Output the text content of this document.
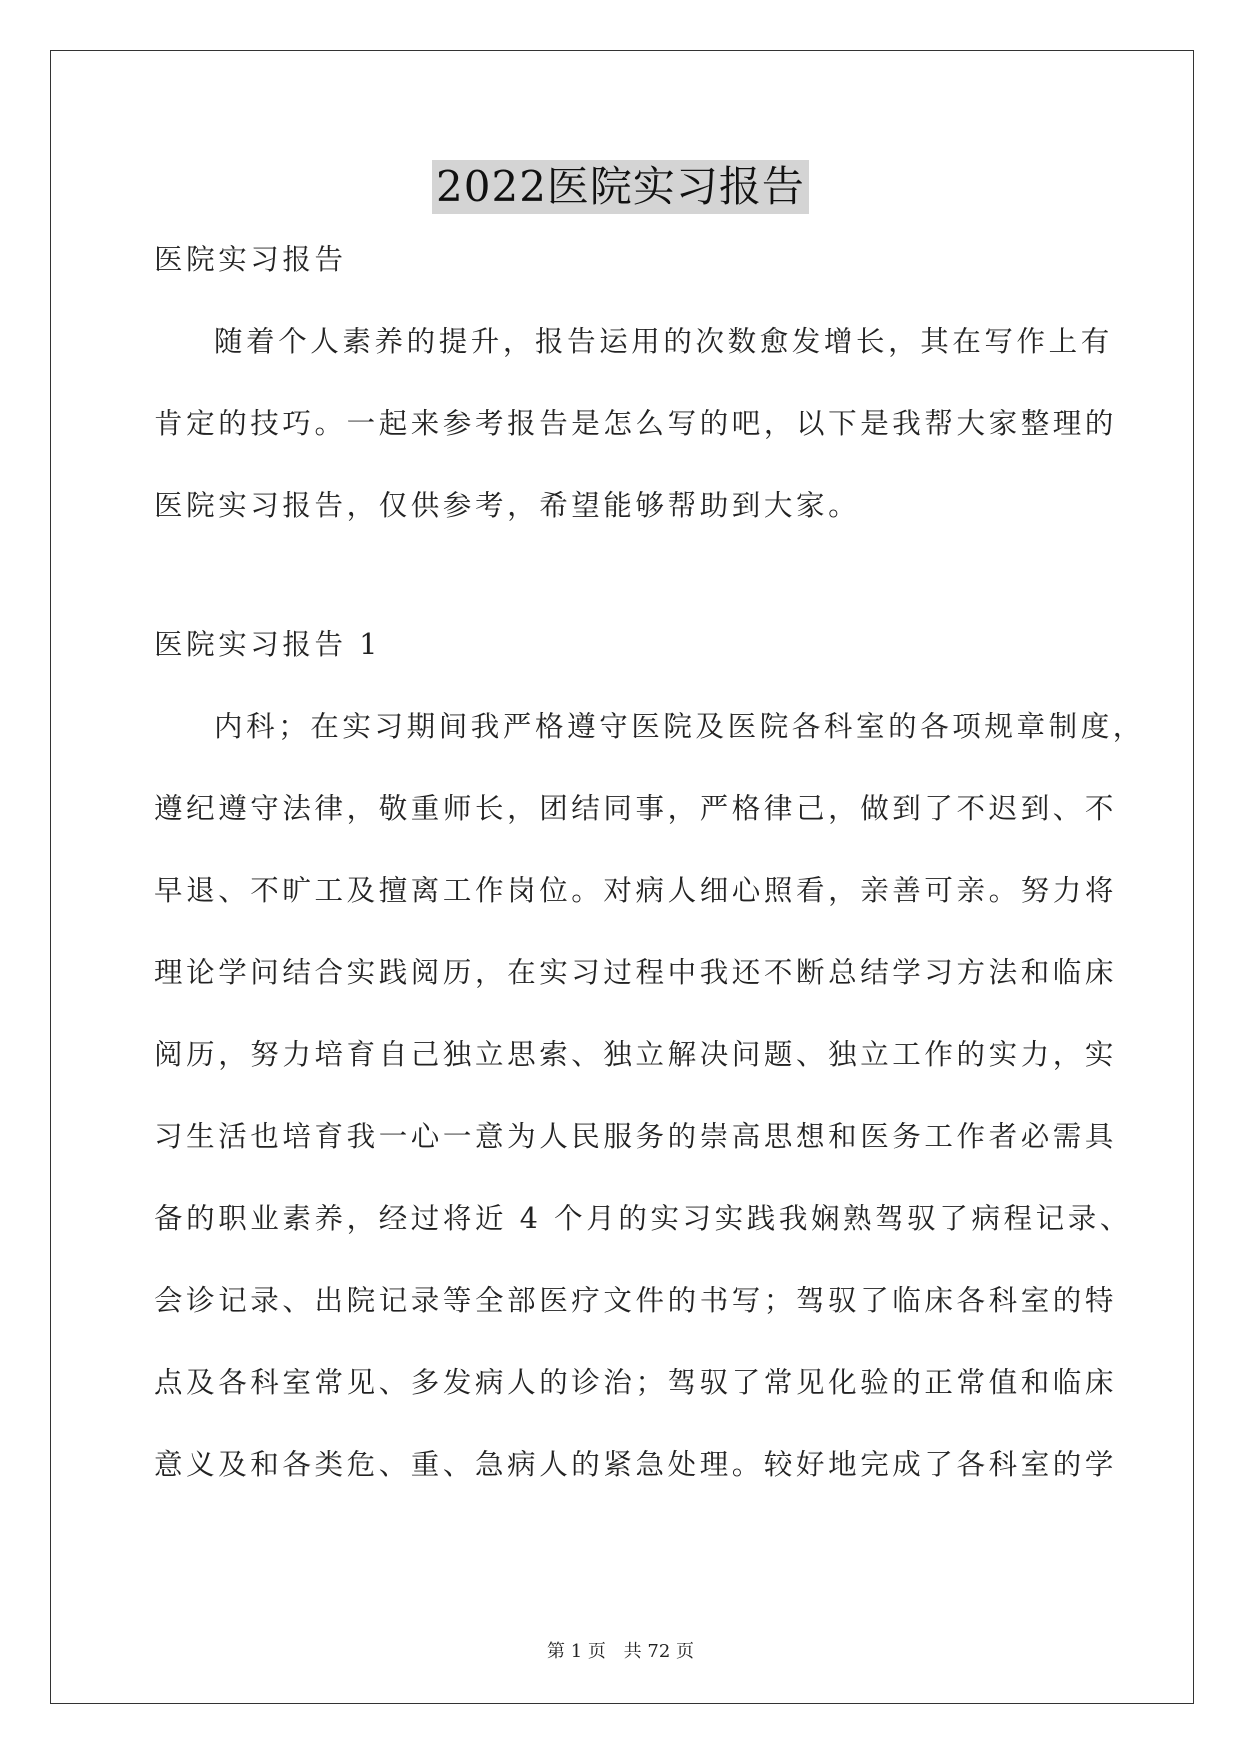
2022医院实习报告
医院实习报告
随着个人素养的提升，报告运用的次数愈发增长，其在写作上有
肯定的技巧。一起来参考报告是怎么写的吧，以下是我帮大家整理的
医院实习报告，仅供参考，希望能够帮助到大家。
医院实习报告 1
内科；在实习期间我严格遵守医院及医院各科室的各项规章制度，
遵纪遵守法律，敬重师长，团结同事，严格律己，做到了不迟到、不
早退、不旷工及擅离工作岗位。对病人细心照看，亲善可亲。努力将
理论学问结合实践阅历，在实习过程中我还不断总结学习方法和临床
阅历，努力培育自己独立思索、独立解决问题、独立工作的实力，实
习生活也培育我一心一意为人民服务的崇高思想和医务工作者必需具
备的职业素养，经过将近 4 个月的实习实践我娴熟驾驭了病程记录、
会诊记录、出院记录等全部医疗文件的书写；驾驭了临床各科室的特
点及各科室常见、多发病人的诊治；驾驭了常见化验的正常值和临床
意义及和各类危、重、急病人的紧急处理。较好地完成了各科室的学
第 1 页 共 72 页
